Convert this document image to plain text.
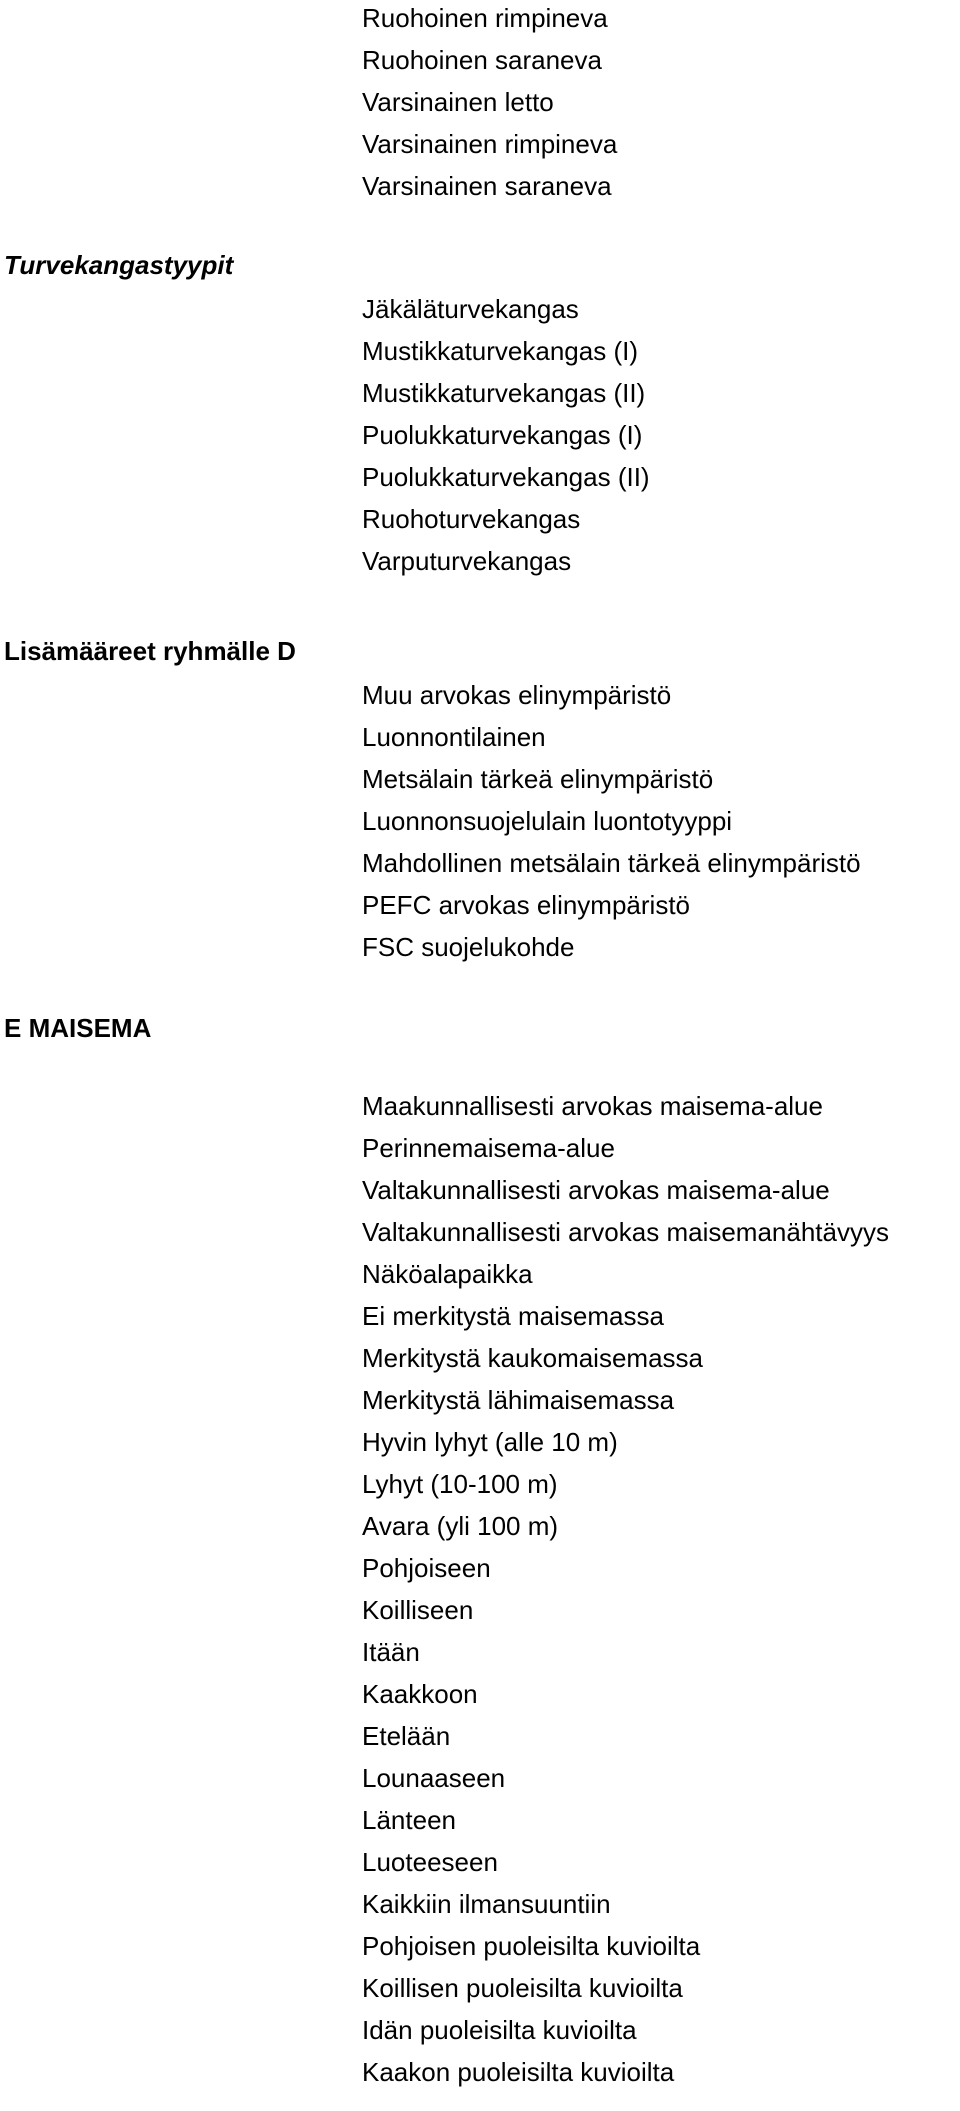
Ruohoinen rimpineva
Ruohoinen saraneva
Varsinainen letto
Varsinainen rimpineva
Varsinainen saraneva
Turvekangastyypit
Jäkäläturvekangas
Mustikkaturvekangas (I)
Mustikkaturvekangas (II)
Puolukkaturvekangas (I)
Puolukkaturvekangas (II)
Ruohoturvekangas
Varputurvekangas
Lisämääreet ryhmälle D
Muu arvokas elinympäristö
Luonnontilainen
Metsälain tärkeä elinympäristö
Luonnonsuojelulain luontotyyppi
Mahdollinen metsälain tärkeä elinympäristö
PEFC arvokas elinympäristö
FSC suojelukohde
E MAISEMA
Maakunnallisesti arvokas maisema-alue
Perinnemaisema-alue
Valtakunnallisesti arvokas maisema-alue
Valtakunnallisesti arvokas maisemanähtävyys
Näköalapaikka
Ei merkitystä maisemassa
Merkitystä kaukomaisemassa
Merkitystä lähimaisemassa
Hyvin lyhyt (alle 10 m)
Lyhyt (10-100 m)
Avara (yli 100 m)
Pohjoiseen
Koilliseen
Itään
Kaakkoon
Etelään
Lounaaseen
Länteen
Luoteeseen
Kaikkiin ilmansuuntiin
Pohjoisen puoleisilta kuvioilta
Koillisen puoleisilta kuvioilta
Idän puoleisilta kuvioilta
Kaakon puoleisilta kuvioilta
